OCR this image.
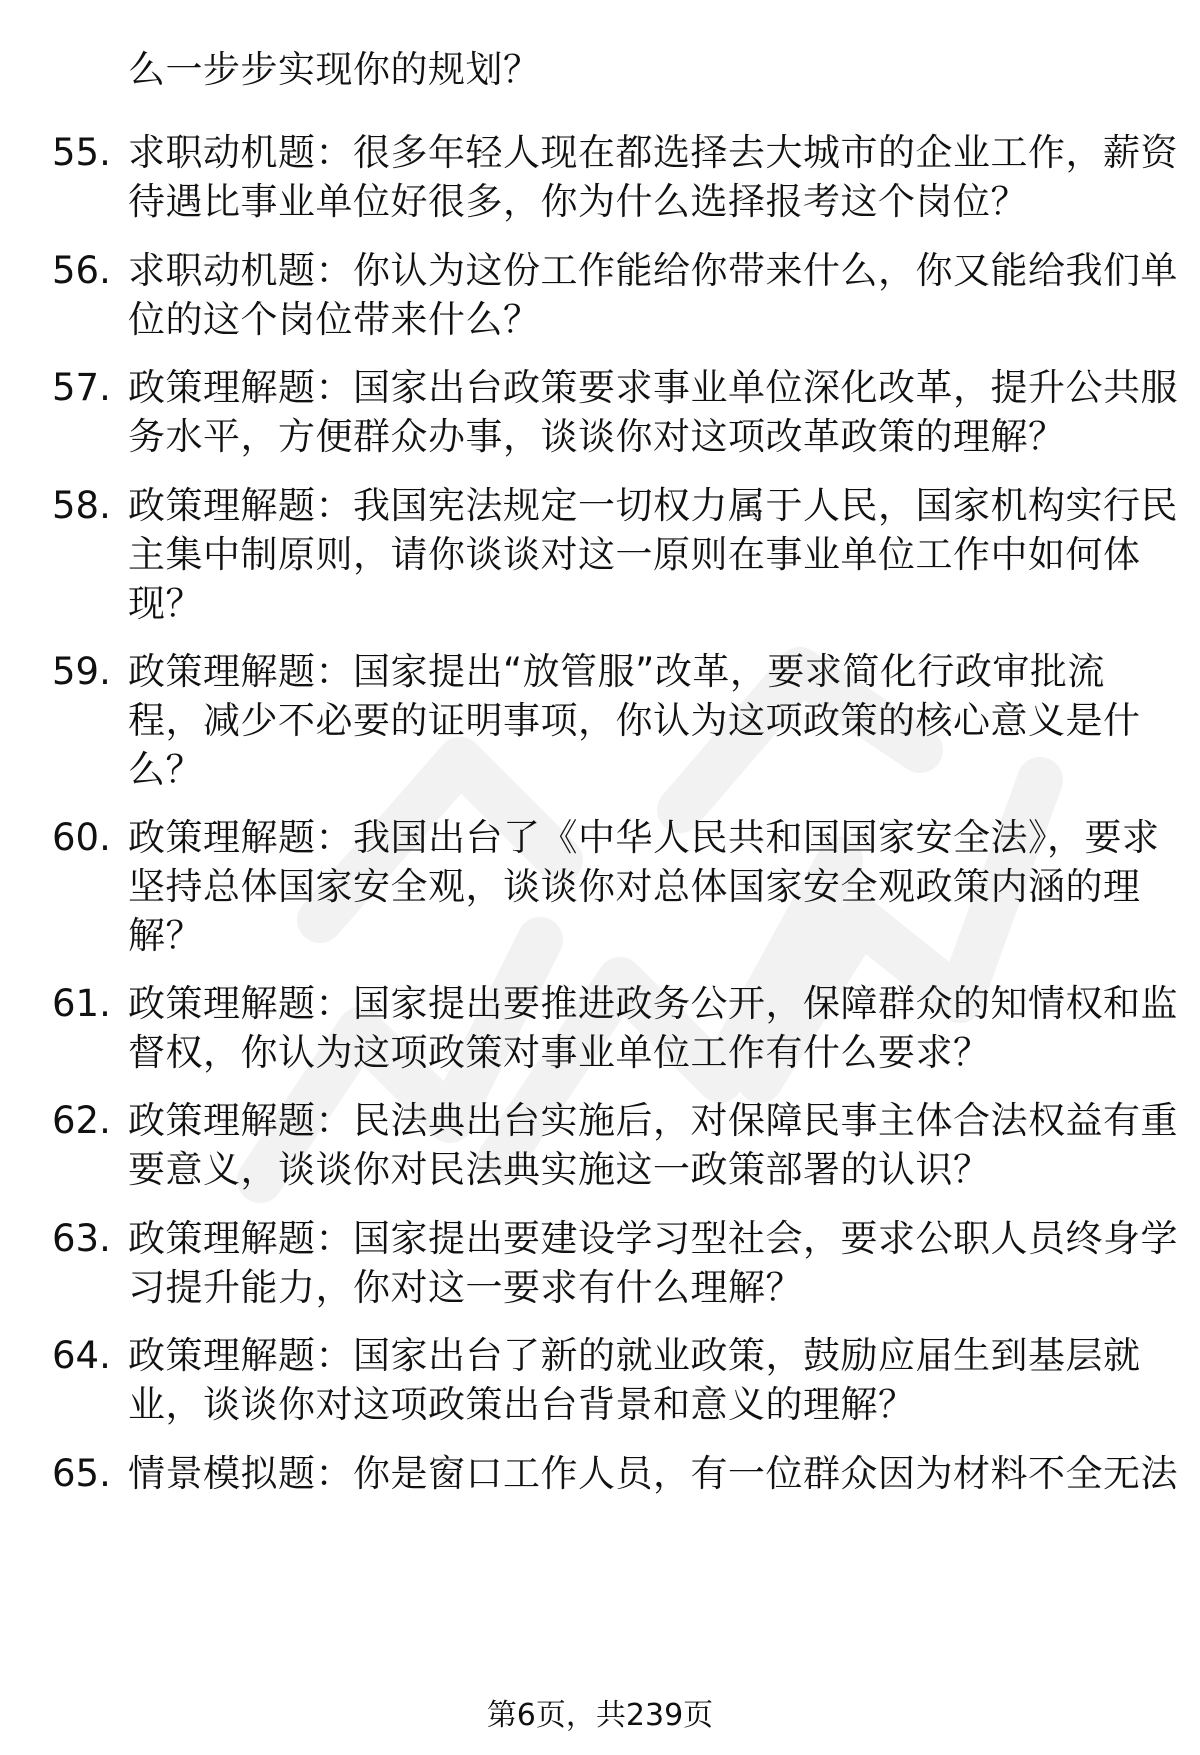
么一步步实现你的规划？
55. 求职动机题：很多年轻人现在都选择去大城市的企业工作，薪资
待遇比事业单位好很多，你为什么选择报考这个岗位？
56. 求职动机题：你认为这份工作能给你带来什么，你又能给我们单
位的这个岗位带来什么？
57. 政策理解题：国家出台政策要求事业单位深化改革，提升公共服
务水平，方便群众办事，谈谈你对这项改革政策的理解？
58. 政策理解题：我国宪法规定一切权力属于人民，国家机构实行民
主集中制原则，请你谈谈对这一原则在事业单位工作中如何体
现？
59. 政策理解题：国家提出“放管服”改革，要求简化行政审批流
程，减少不必要的证明事项，你认为这项政策的核心意义是什
么？
60. 政策理解题：我国出台了《中华人民共和国国家安全法》，要求
坚持总体国家安全观，谈谈你对总体国家安全观政策内涵的理
解？
61. 政策理解题：国家提出要推进政务公开，保障群众的知情权和监
督权，你认为这项政策对事业单位工作有什么要求？
62. 政策理解题：民法典出台实施后，对保障民事主体合法权益有重
要意义，谈谈你对民法典实施这一政策部署的认识？
63. 政策理解题：国家提出要建设学习型社会，要求公职人员终身学
习提升能力，你对这一要求有什么理解？
64. 政策理解题：国家出台了新的就业政策，鼓励应届生到基层就
业，谈谈你对这项政策出台背景和意义的理解？
65. 情景模拟题：你是窗口工作人员，有一位群众因为材料不全无法
第6页，共239页
